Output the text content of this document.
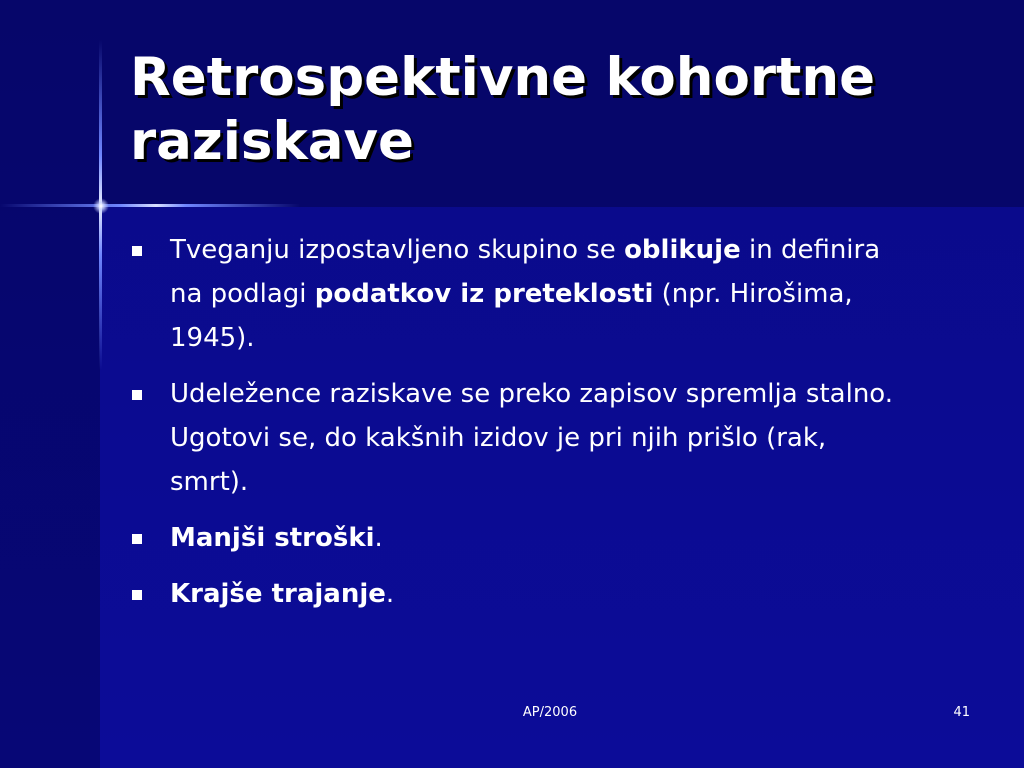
Retrospektivne kohortne
raziskave
Tveganju izpostavljeno skupino se oblikuje in definira na podlagi podatkov iz preteklosti (npr. Hirošima, 1945).
Udeležence raziskave se preko zapisov spremlja stalno. Ugotovi se, do kakšnih izidov je pri njih prišlo (rak, smrt).
Manjši stroški.
Krajše trajanje.
AP/2006	41
